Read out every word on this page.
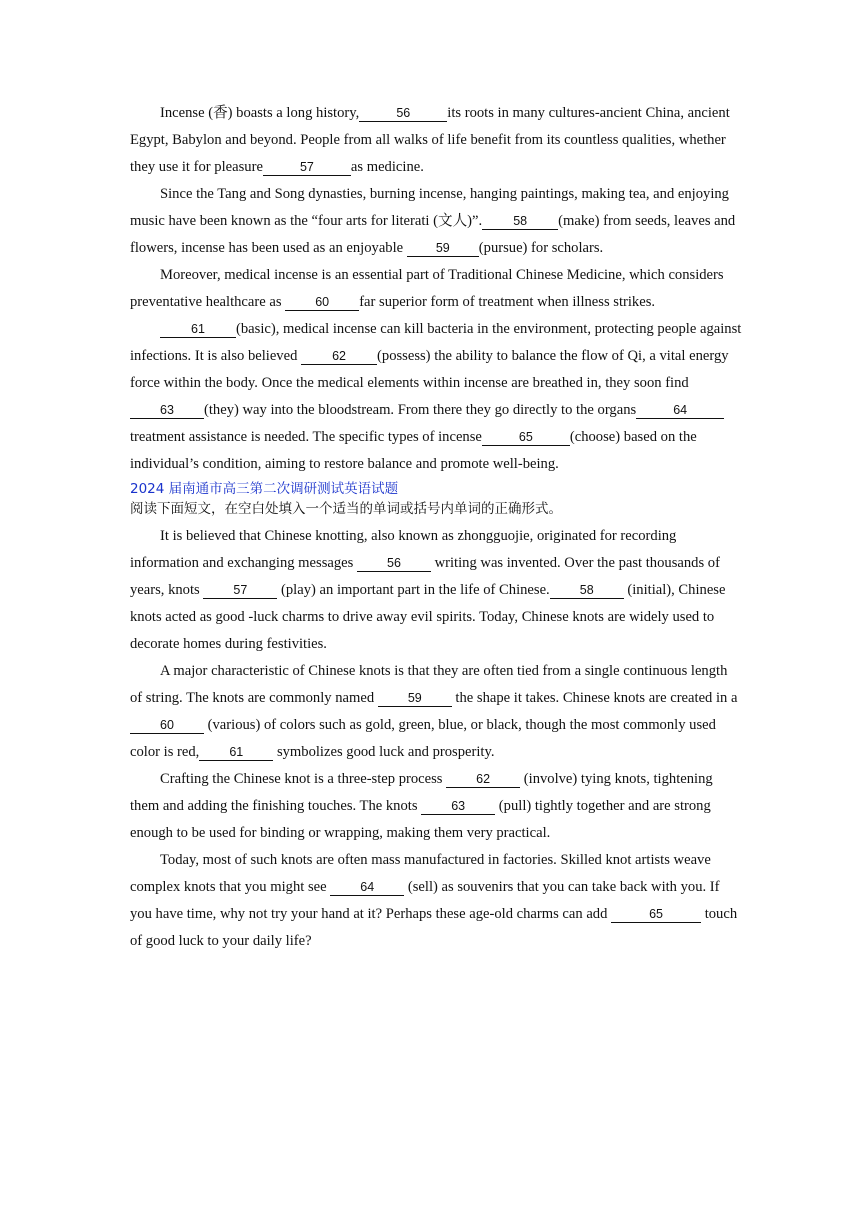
Incense (香) boasts a long history,	56	its roots in many cultures-ancient China, ancient Egypt, Babylon and beyond. People from all walks of life benefit from its countless qualities, whether they use it for pleasure	57	as medicine.

Since the Tang and Song dynasties, burning incense, hanging paintings, making tea, and enjoying music have been known as the “four arts for literati (文人)”. 58 (make) from seeds, leaves and flowers, incense has been used as an enjoyable 59 (pursue) for scholars.

Moreover, medical incense is an essential part of Traditional Chinese Medicine, which considers preventative healthcare as 60 far superior form of treatment when illness strikes.

61 (basic), medical incense can kill bacteria in the environment, protecting people against infections. It is also believed 62 (possess) the ability to balance the flow of Qi, a vital energy force within the body. Once the medical elements within incense are breathed in, they soon find63 (they) way into the bloodstream. From there they go directly to the organs	64treatment assistance is needed. The specific types of incense	65	(choose) based on the individual’s condition, aiming to restore balance and promote well-being.

2024 届南通市高三第二次调研测试英语试题
阅读下面短文，在空白处填入一个适当的单词或括号内单词的正确形式。

It is believed that Chinese knotting, also known as zhongguojie, originated for recording information and exchanging messages 56 writing was invented. Over the past thousands of years, knots 57 (play) an important part in the life of Chinese. 58 (initial), Chinese knots acted as good -luck charms to drive away evil spirits. Today, Chinese knots are widely used to decorate homes during festivities.

A major characteristic of Chinese knots is that they are often tied from a single continuous length of string. The knots are commonly named 59 the shape it takes. Chinese knots are created in a 60 (various) of colors such as gold, green, blue, or black, though the most commonly used color is red, 61 symbolizes good luck and prosperity.

Crafting the Chinese knot is a three-step process 62 (involve) tying knots, tightening them and adding the finishing touches. The knots 63 (pull) tightly together and are strong enough to be used for binding or wrapping, making them very practical.

Today, most of such knots are often mass manufactured in factories. Skilled knot artists weave complex knots that you might see 64 (sell) as souvenirs that you can take back with you. If you have time, why not try your hand at it? Perhaps these age-old charms can add	65	touch of good luck to your daily life?
